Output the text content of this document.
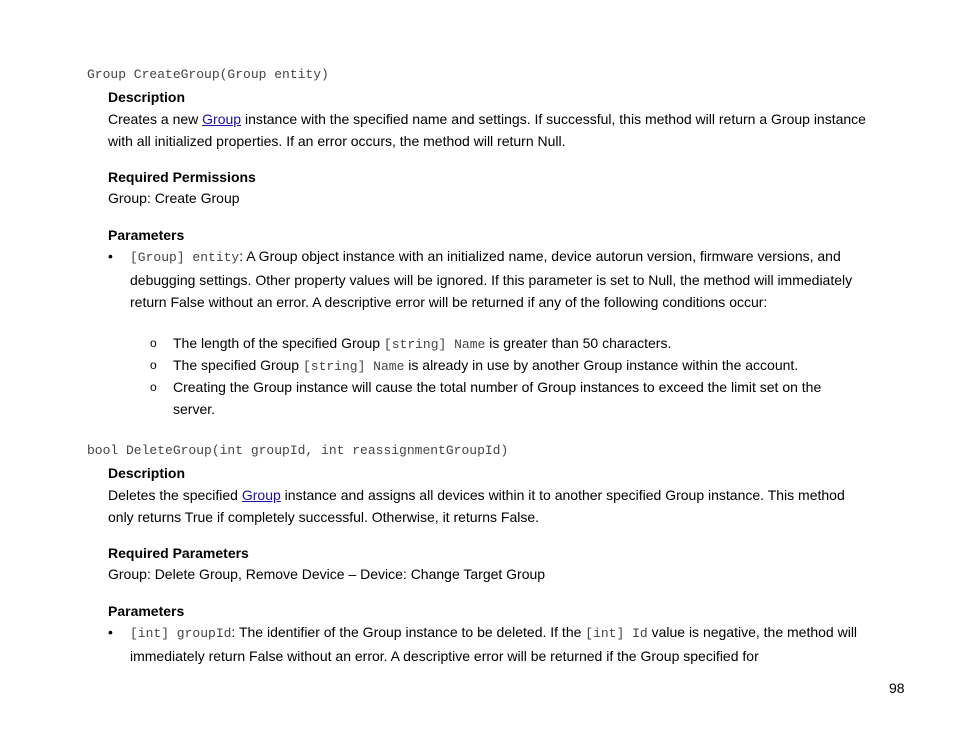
Group CreateGroup(Group entity)
Description
Creates a new Group instance with the specified name and settings. If successful, this method will return a Group instance with all initialized properties. If an error occurs, the method will return Null.
Required Permissions
Group: Create Group
Parameters
•	[Group] entity: A Group object instance with an initialized name, device autorun version, firmware versions, and debugging settings. Other property values will be ignored. If this parameter is set to Null, the method will immediately return False without an error. A descriptive error will be returned if any of the following conditions occur:
o The length of the specified Group [string] Name is greater than 50 characters.
o The specified Group [string] Name is already in use by another Group instance within the account.
o Creating the Group instance will cause the total number of Group instances to exceed the limit set on the server.
bool DeleteGroup(int groupId, int reassignmentGroupId)
Description
Deletes the specified Group instance and assigns all devices within it to another specified Group instance. This method only returns True if completely successful. Otherwise, it returns False.
Required Parameters
Group: Delete Group, Remove Device – Device: Change Target Group
Parameters
•	[int] groupId: The identifier of the Group instance to be deleted. If the [int] Id value is negative, the method will immediately return False without an error. A descriptive error will be returned if the Group specified for
98
